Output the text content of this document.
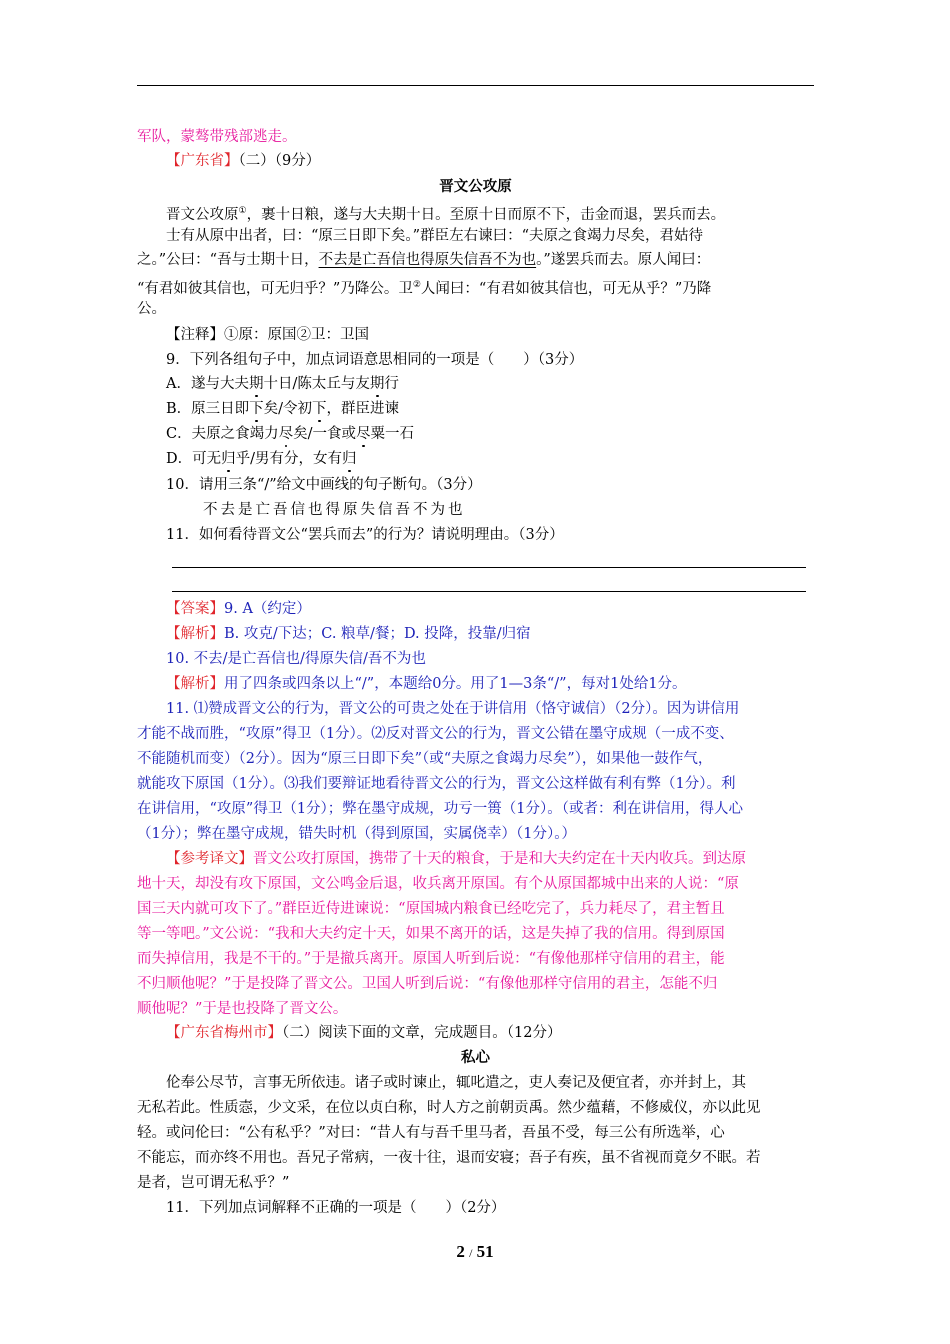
军队，蒙骜带残部逃走。
【广东省】（二）（9分）
晋文公攻原
晋文公攻原①，裹十日粮，遂与大夫期十日。至原十日而原不下，击金而退，罢兵而去。
士有从原中出者，曰：“原三日即下矣。”群臣左右谏曰：“夫原之食竭力尽矣，君姑待
之。”公曰：“吾与士期十日，不去是亡吾信也得原失信吾不为也。”遂罢兵而去。原人闻曰：
“有君如彼其信也，可无归乎？”乃降公。卫②人闻曰：“有君如彼其信也，可无从乎？”乃降
公。
【注释】①原：原国②卫：卫国
9．下列各组句子中，加点词语意思相同的一项是（　　）（3分）
A．遂与大夫期十日/陈太丘与友期行
B．原三日即下矣/令初下，群臣进谏
C．夫原之食竭力尽矣/一食或尽粟一石
D．可无归乎/男有分，女有归
10．请用三条“/”给文中画线的句子断句。（3分）
不去是亡吾信也得原失信吾不为也
11．如何看待晋文公“罢兵而去”的行为？请说明理由。（3分）
【答案】9. A（约定）
【解析】B. 攻克/下达；C. 粮草/餐；D. 投降，投靠/归宿
10. 不去/是亡吾信也/得原失信/吾不为也
【解析】用了四条或四条以上“/”，本题给0分。用了1—3条“/”，每对1处给1分。
11. ⑴赞成晋文公的行为，晋文公的可贵之处在于讲信用（恪守诚信）（2分）。因为讲信用
才能不战而胜，“攻原”得卫（1分）。⑵反对晋文公的行为，晋文公错在墨守成规（一成不变、
不能随机而变）（2分）。因为“原三日即下矣”（或“夫原之食竭力尽矣”），如果他一鼓作气，
就能攻下原国（1分）。⑶我们要辩证地看待晋文公的行为，晋文公这样做有利有弊（1分）。利
在讲信用，“攻原”得卫（1分）；弊在墨守成规，功亏一篑（1分）。（或者：利在讲信用，得人心
（1分）；弊在墨守成规，错失时机（得到原国，实属侥幸）（1分）。）
【参考译文】晋文公攻打原国，携带了十天的粮食，于是和大夫约定在十天内收兵。到达原
地十天，却没有攻下原国，文公鸣金后退，收兵离开原国。有个从原国都城中出来的人说：“原
国三天内就可攻下了。”群臣近侍进谏说：“原国城内粮食已经吃完了，兵力耗尽了，君主暂且
等一等吧。”文公说：“我和大夫约定十天，如果不离开的话，这是失掉了我的信用。得到原国
而失掉信用，我是不干的。”于是撤兵离开。原国人听到后说：“有像他那样守信用的君主，能
不归顺他呢？”于是投降了晋文公。卫国人听到后说：“有像他那样守信用的君主，怎能不归
顺他呢？”于是也投降了晋文公。
【广东省梅州市】（二）阅读下面的文章，完成题目。（12分）
私心
伦奉公尽节，言事无所依违。诸子或时谏止，辄叱遣之，吏人奏记及便宜者，亦并封上，其
无私若此。性质悫，少文采，在位以贞白称，时人方之前朝贡禹。然少蕴藉，不修威仪，亦以此见
轻。或问伦曰：“公有私乎？”对曰：“昔人有与吾千里马者，吾虽不受，每三公有所选举，心
不能忘，而亦终不用也。吾兄子常病，一夜十往，退而安寝；吾子有疾，虽不省视而竟夕不眠。若
是者，岂可谓无私乎？”
11．下列加点词解释不正确的一项是（　　）（2分）
2 / 51
